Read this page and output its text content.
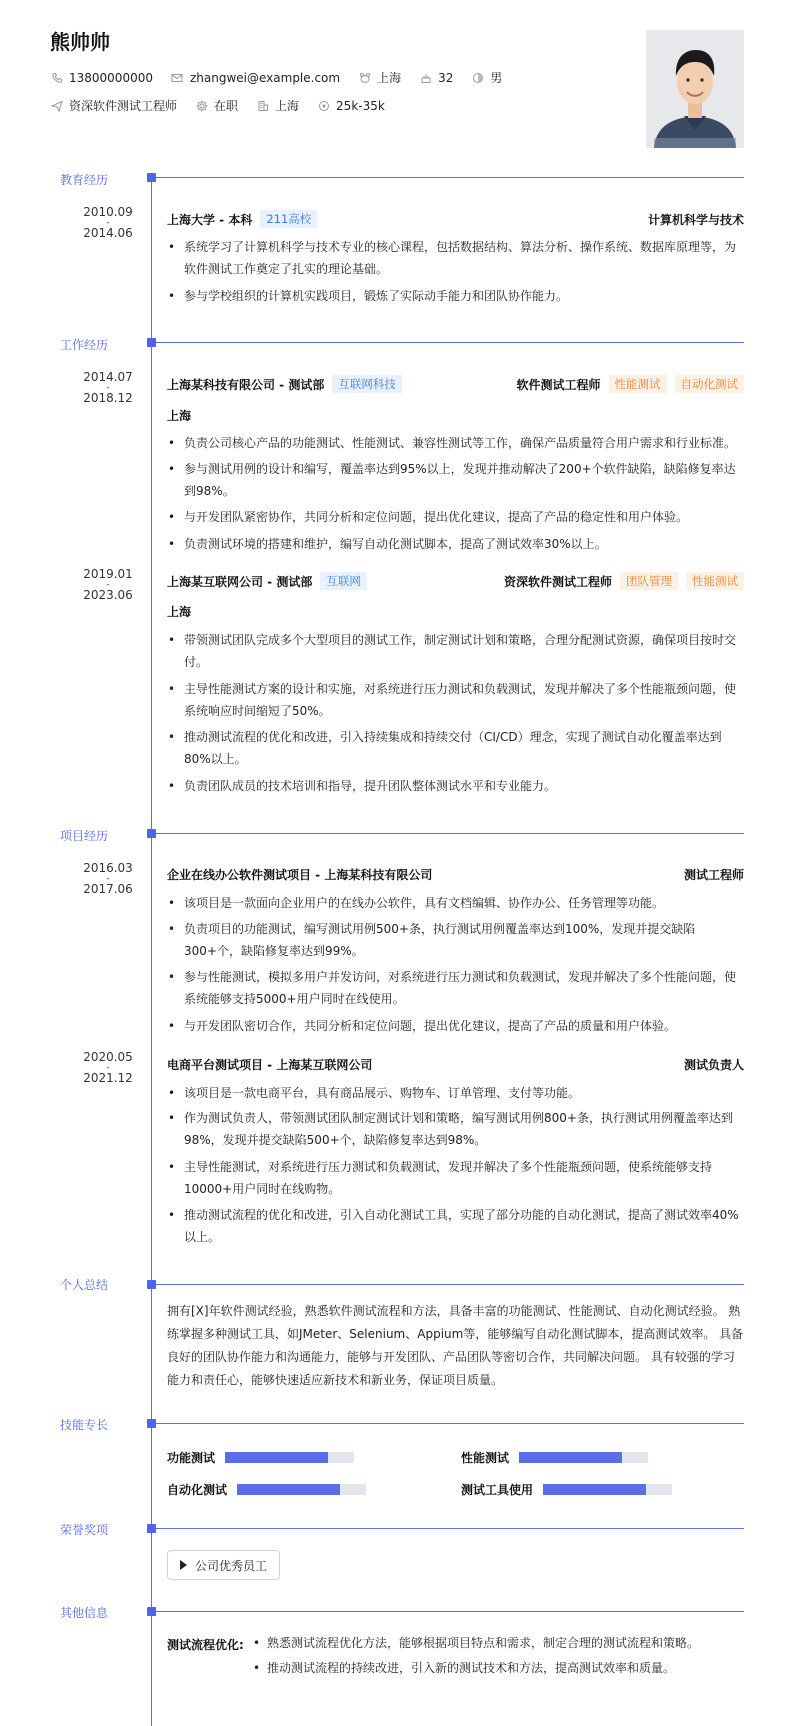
熊帅帅
13800000000	zhangwei@example.com	上海	32	男
资深软件测试工程师	在职	上海	25k-35k
教育经历
2010.09
-
2014.06
上海大学 - 本科	211高校	计算机科学与技术
• 系统学习了计算机科学与技术专业的核心课程，包括数据结构、算法分析、操作系统、数据库原理等，为软件测试工作奠定了扎实的理论基础。
• 参与学校组织的计算机实践项目，锻炼了实际动手能力和团队协作能力。
工作经历
2014.07
-
2018.12
上海某科技有限公司 - 测试部	互联网科技	软件测试工程师	性能测试	自动化测试
上海
• 负责公司核心产品的功能测试、性能测试、兼容性测试等工作，确保产品质量符合用户需求和行业标准。
• 参与测试用例的设计和编写，覆盖率达到95%以上，发现并推动解决了200+个软件缺陷，缺陷修复率达到98%。
• 与开发团队紧密协作，共同分析和定位问题，提出优化建议，提高了产品的稳定性和用户体验。
• 负责测试环境的搭建和维护，编写自动化测试脚本，提高了测试效率30%以上。
2019.01
-
2023.06
上海某互联网公司 - 测试部	互联网	资深软件测试工程师	团队管理	性能测试
上海
• 带领测试团队完成多个大型项目的测试工作，制定测试计划和策略，合理分配测试资源，确保项目按时交付。
• 主导性能测试方案的设计和实施，对系统进行压力测试和负载测试，发现并解决了多个性能瓶颈问题，使系统响应时间缩短了50%。
• 推动测试流程的优化和改进，引入持续集成和持续交付（CI/CD）理念，实现了测试自动化覆盖率达到80%以上。
• 负责团队成员的技术培训和指导，提升团队整体测试水平和专业能力。
项目经历
2016.03
-
2017.06
企业在线办公软件测试项目 - 上海某科技有限公司	测试工程师
• 该项目是一款面向企业用户的在线办公软件，具有文档编辑、协作办公、任务管理等功能。
• 负责项目的功能测试，编写测试用例500+条，执行测试用例覆盖率达到100%，发现并提交缺陷300+个，缺陷修复率达到99%。
• 参与性能测试，模拟多用户并发访问，对系统进行压力测试和负载测试，发现并解决了多个性能问题，使系统能够支持5000+用户同时在线使用。
• 与开发团队密切合作，共同分析和定位问题，提出优化建议，提高了产品的质量和用户体验。
2020.05
-
2021.12
电商平台测试项目 - 上海某互联网公司	测试负责人
• 该项目是一款电商平台，具有商品展示、购物车、订单管理、支付等功能。
• 作为测试负责人，带领测试团队制定测试计划和策略，编写测试用例800+条，执行测试用例覆盖率达到98%，发现并提交缺陷500+个，缺陷修复率达到98%。
• 主导性能测试，对系统进行压力测试和负载测试，发现并解决了多个性能瓶颈问题，使系统能够支持10000+用户同时在线购物。
• 推动测试流程的优化和改进，引入自动化测试工具，实现了部分功能的自动化测试，提高了测试效率40%以上。
个人总结
拥有[X]年软件测试经验，熟悉软件测试流程和方法，具备丰富的功能测试、性能测试、自动化测试经验。 熟练掌握多种测试工具，如JMeter、Selenium、Appium等，能够编写自动化测试脚本，提高测试效率。 具备良好的团队协作能力和沟通能力，能够与开发团队、产品团队等密切合作，共同解决问题。 具有较强的学习能力和责任心，能够快速适应新技术和新业务，保证项目质量。
技能专长
功能测试	性能测试
自动化测试	测试工具使用
荣誉奖项
公司优秀员工
其他信息
测试流程优化:
•	熟悉测试流程优化方法，能够根据项目特点和需求，制定合理的测试流程和策略。
• 推动测试流程的持续改进，引入新的测试技术和方法，提高测试效率和质量。
